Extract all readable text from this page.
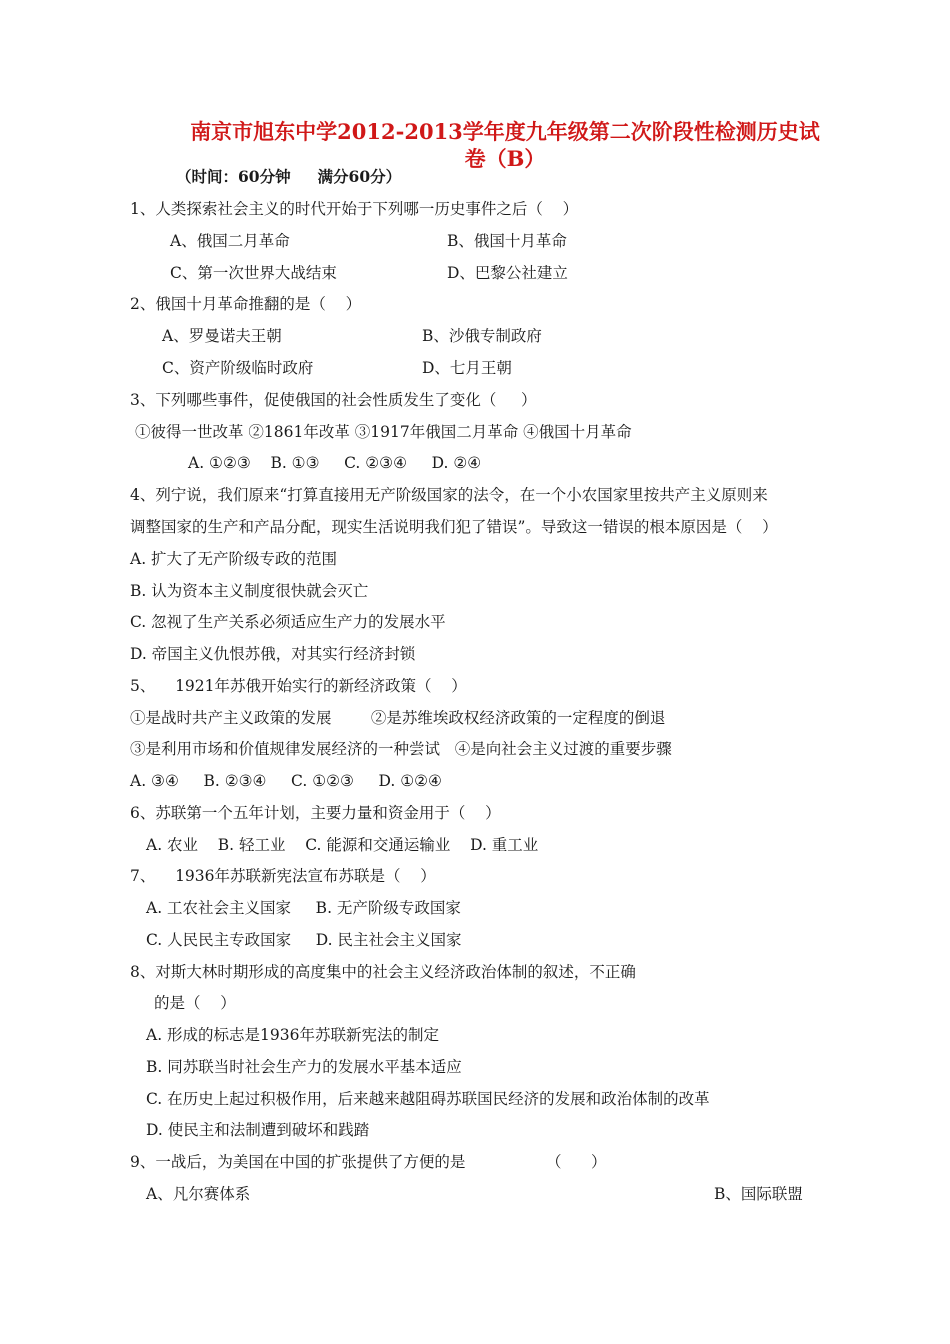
南京市旭东中学2012-2013学年度九年级第二次阶段性检测历史试
卷（B）
（时间：60分钟     满分60分）
1、人类探索社会主义的时代开始于下列哪一历史事件之后（    ）
A、俄国二月革命	B、俄国十月革命
C、第一次世界大战结束	D、巴黎公社建立
2、俄国十月革命推翻的是（    ）
A、罗曼诺夫王朝	B、沙俄专制政府
C、资产阶级临时政府	D、七月王朝
3、下列哪些事件，促使俄国的社会性质发生了变化（     ）
①彼得一世改革 ②1861年改革 ③1917年俄国二月革命 ④俄国十月革命
A. ①②③    B. ①③     C. ②③④     D. ②④
4、列宁说，我们原来“打算直接用无产阶级国家的法令，在一个小农国家里按共产主义原则来
调整国家的生产和产品分配，现实生活说明我们犯了错误”。导致这一错误的根本原因是（    ）
A. 扩大了无产阶级专政的范围
B. 认为资本主义制度很快就会灭亡
C. 忽视了生产关系必须适应生产力的发展水平
D. 帝国主义仇恨苏俄，对其实行经济封锁
5、    1921年苏俄开始实行的新经济政策（    ）
①是战时共产主义政策的发展        ②是苏维埃政权经济政策的一定程度的倒退
③是利用市场和价值规律发展经济的一种尝试   ④是向社会主义过渡的重要步骤
A. ③④     B. ②③④     C. ①②③     D. ①②④
6、苏联第一个五年计划，主要力量和资金用于（    ）
A. 农业    B. 轻工业    C. 能源和交通运输业    D. 重工业
7、    1936年苏联新宪法宣布苏联是（    ）
A. 工农社会主义国家     B. 无产阶级专政国家
C. 人民民主专政国家     D. 民主社会主义国家
8、对斯大林时期形成的高度集中的社会主义经济政治体制的叙述，不正确
的是（    ）
A. 形成的标志是1936年苏联新宪法的制定
B. 同苏联当时社会生产力的发展水平基本适应
C. 在历史上起过积极作用，后来越来越阻碍苏联国民经济的发展和政治体制的改革
D. 使民主和法制遭到破坏和践踏
9、一战后，为美国在中国的扩张提供了方便的是	（      ）
A、凡尔赛体系	B、国际联盟
